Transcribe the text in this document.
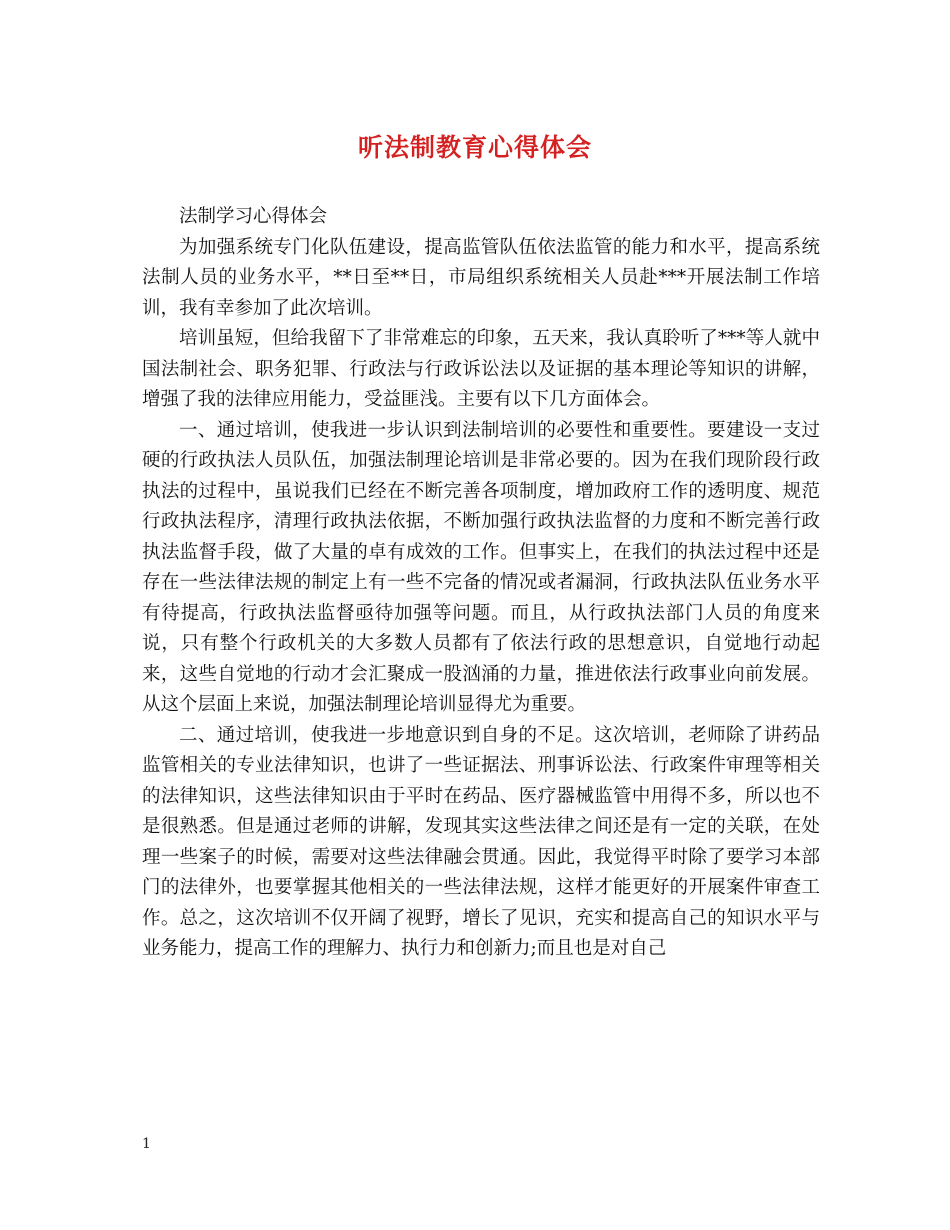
听法制教育心得体会

法制学习心得体会

为加强系统专门化队伍建设，提高监管队伍依法监管的能力和水平，提高系统法制人员的业务水平，**日至**日，市局组织系统相关人员赴***开展法制工作培训，我有幸参加了此次培训。

培训虽短，但给我留下了非常难忘的印象，五天来，我认真聆听了***等人就中国法制社会、职务犯罪、行政法与行政诉讼法以及证据的基本理论等知识的讲解，增强了我的法律应用能力，受益匪浅。主要有以下几方面体会。

一、通过培训，使我进一步认识到法制培训的必要性和重要性。要建设一支过硬的行政执法人员队伍，加强法制理论培训是非常必要的。因为在我们现阶段行政执法的过程中，虽说我们已经在不断完善各项制度，增加政府工作的透明度、规范行政执法程序，清理行政执法依据，不断加强行政执法监督的力度和不断完善行政执法监督手段，做了大量的卓有成效的工作。但事实上，在我们的执法过程中还是存在一些法律法规的制定上有一些不完备的情况或者漏洞，行政执法队伍业务水平有待提高，行政执法监督亟待加强等问题。而且，从行政执法部门人员的角度来说，只有整个行政机关的大多数人员都有了依法行政的思想意识，自觉地行动起来，这些自觉地的行动才会汇聚成一股汹涌的力量，推进依法行政事业向前发展。从这个层面上来说，加强法制理论培训显得尤为重要。

二、通过培训，使我进一步地意识到自身的不足。这次培训，老师除了讲药品监管相关的专业法律知识，也讲了一些证据法、刑事诉讼法、行政案件审理等相关的法律知识，这些法律知识由于平时在药品、医疗器械监管中用得不多，所以也不是很熟悉。但是通过老师的讲解，发现其实这些法律之间还是有一定的关联，在处理一些案子的时候，需要对这些法律融会贯通。因此，我觉得平时除了要学习本部门的法律外，也要掌握其他相关的一些法律法规，这样才能更好的开展案件审查工作。总之，这次培训不仅开阔了视野，增长了见识，充实和提高自己的知识水平与业务能力，提高工作的理解力、执行力和创新力;而且也是对自己

1
